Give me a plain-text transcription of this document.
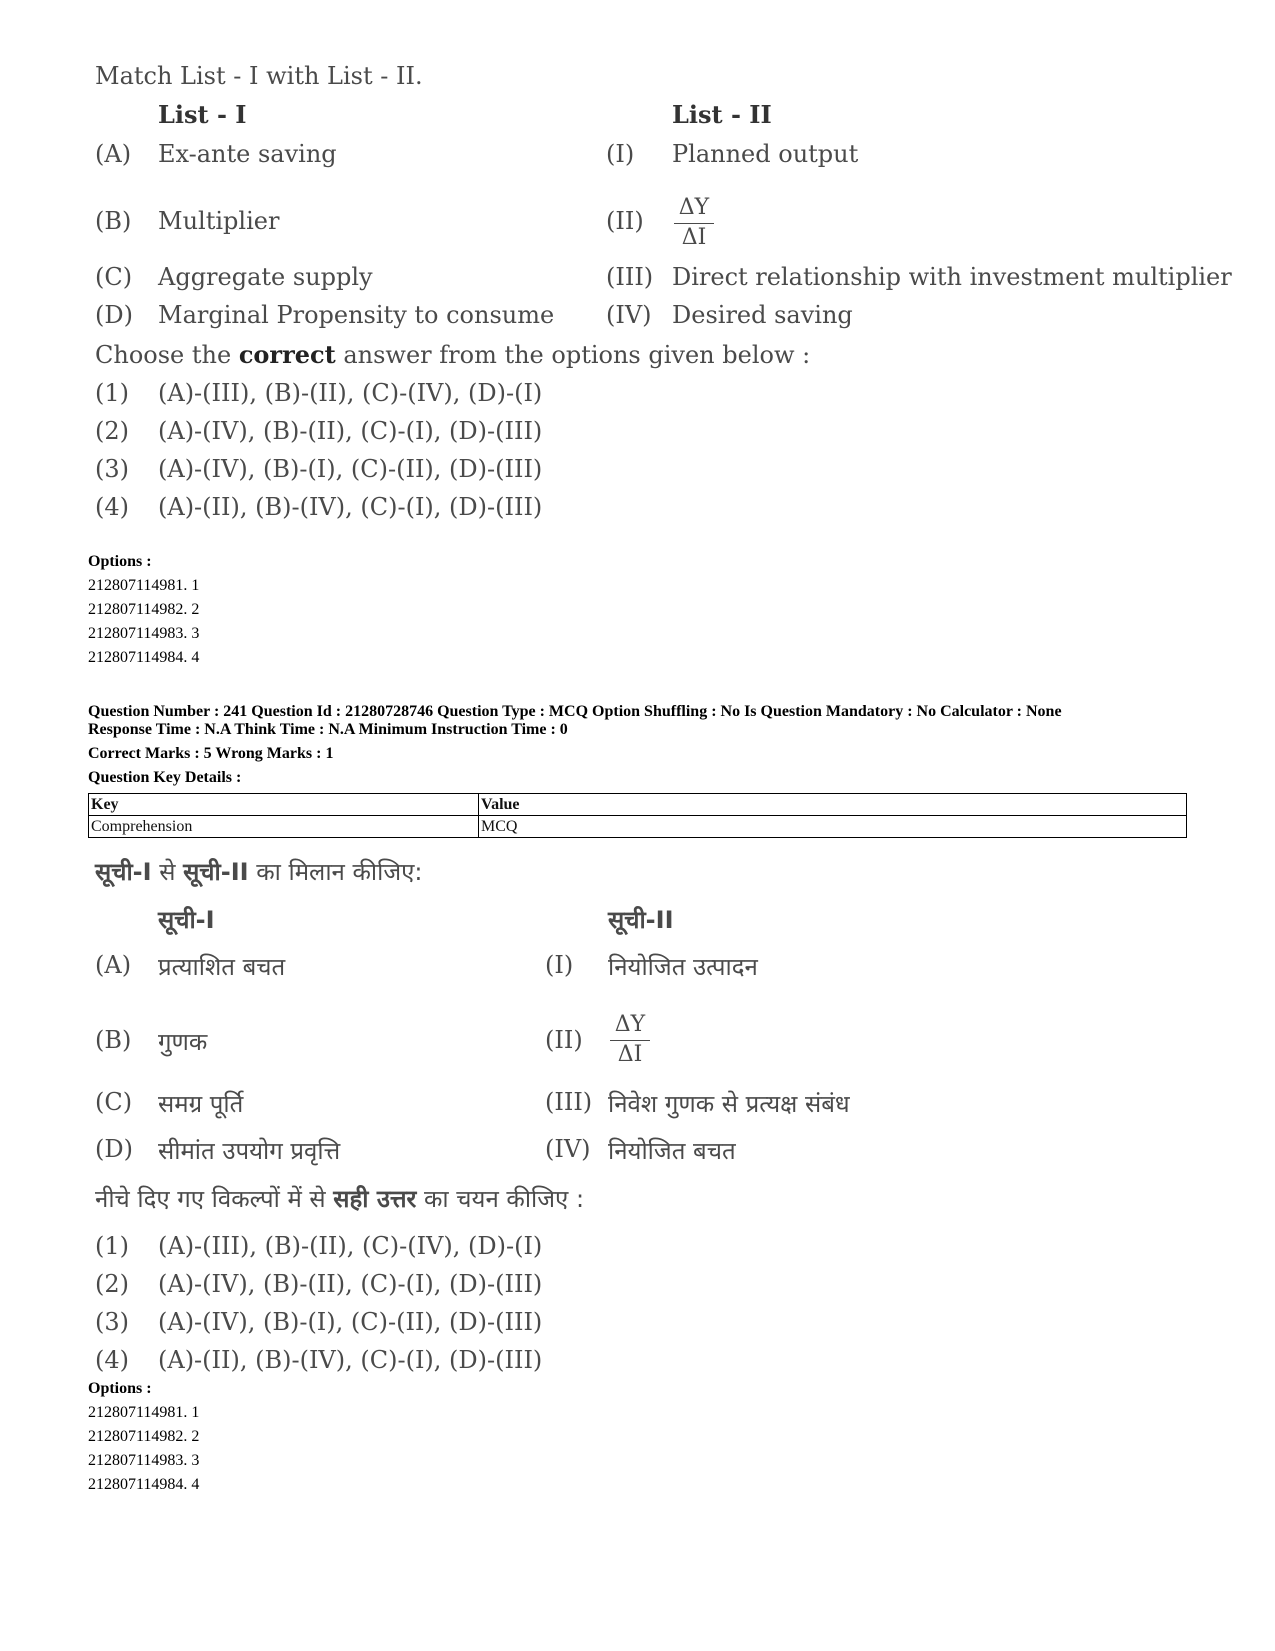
Match List - I with List - II.
List - I	List - II
(A) Ex-ante saving	(I) Planned output
(B) Multiplier	$(II) \frac{\Delta Y}{\Delta I}$
(C) Aggregate supply	(III) Direct relationship with investment multiplier
(D) Marginal Propensity to consume (IV) Desired saving
Choose the correct answer from the options given below :
(1) (A)-(III), (B)-(II), (C)-(IV), (D)-(I)
(2) (A)-(IV), (B)-(II), (C)-(I), (D)-(III)
(3) (A)-(IV), (B)-(I), (C)-(II), (D)-(III)
(4) (A)-(II), (B)-(IV), (C)-(I), (D)-(III)
Options :
212807114981. 1
212807114982. 2
212807114983. 3
212807114984. 4
Question Number : 241 Question Id : 21280728746 Question Type : MCQ Option Shuffling : No Is Question Mandatory : No Calculator : None
Response Time : N.A Think Time : N.A Minimum Instruction Time : 0
Correct Marks : 5 Wrong Marks : 1
Question Key Details :
Key	Value
Comprehension	MCQ
सूची-I से सूची-II का मिलान कीजिए:
सूची-I	सूची-II
(A) प्रत्याशित बचत	(I) नियोजित उत्पादन
(B) गुणक	$(II) \frac{\Delta Y}{\Delta I}$
(C) समग्र पूर्ति	(III) निवेश गुणक से प्रत्यक्ष संबंध
(D) सीमांत उपयोग प्रवृत्ति	(IV) नियोजित बचत
नीचे दिए गए विकल्पों में से सही उत्तर का चयन कीजिए :
(1) (A)-(III), (B)-(II), (C)-(IV), (D)-(I)
(2) (A)-(IV), (B)-(II), (C)-(I), (D)-(III)
(3) (A)-(IV), (B)-(I), (C)-(II), (D)-(III)
(4) (A)-(II), (B)-(IV), (C)-(I), (D)-(III)
Options :
212807114981. 1
212807114982. 2
212807114983. 3
212807114984. 4
